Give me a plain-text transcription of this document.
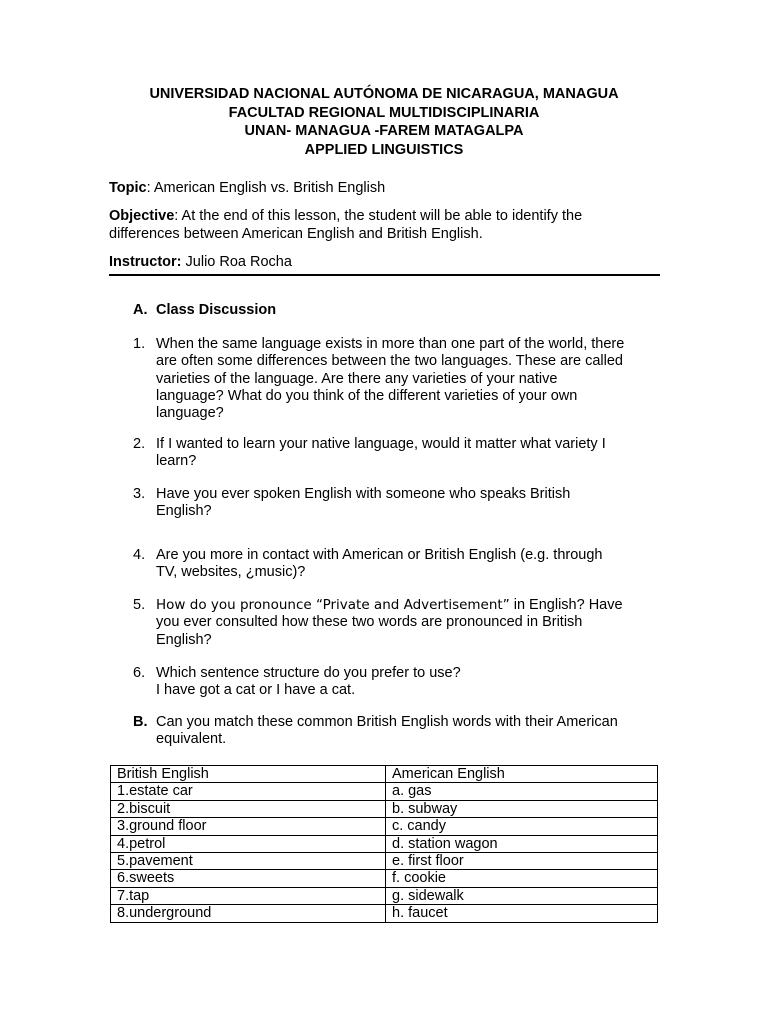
UNIVERSIDAD NACIONAL AUTÓNOMA DE NICARAGUA, MANAGUA
FACULTAD REGIONAL MULTIDISCIPLINARIA
UNAN- MANAGUA -FAREM MATAGALPA
APPLIED LINGUISTICS
Topic: American English vs. British English
Objective: At the end of this lesson, the student will be able to identify the
differences between American English and British English.
Instructor: Julio Roa Rocha
A. Class Discussion
1. When the same language exists in more than one part of the world, there
are often some differences between the two languages. These are called
varieties of the language. Are there any varieties of your native
language? What do you think of the different varieties of your own
language?
2. If I wanted to learn your native language, would it matter what variety I
learn?
3. Have you ever spoken English with someone who speaks British
English?
4. Are you more in contact with American or British English (e.g. through
TV, websites, ¿music)?
5. How do you pronounce “Private and Advertisement” in English? Have
you ever consulted how these two words are pronounced in British
English?
6. Which sentence structure do you prefer to use?
I have got a cat or I have a cat.
B. Can you match these common British English words with their American
equivalent.
British English	American English
1.estate car	a. gas
2.biscuit	b. subway
3.ground floor	c. candy
4.petrol	d. station wagon
5.pavement	e. first floor
6.sweets	f. cookie
7.tap	g. sidewalk
8.underground	h. faucet
